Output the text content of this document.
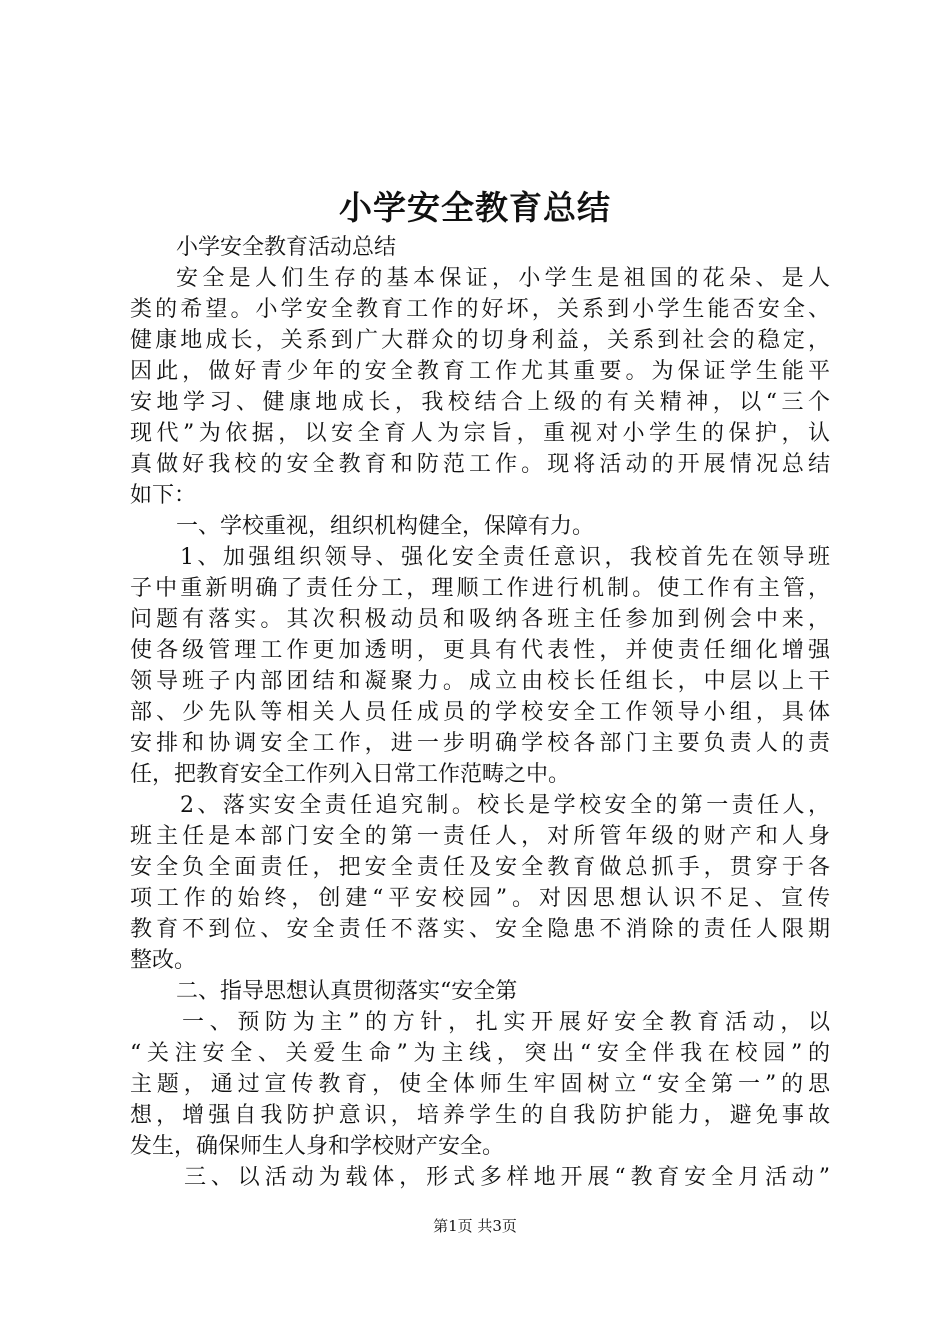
小学安全教育总结
小学安全教育活动总结
安全是人们生存的基本保证，小学生是祖国的花朵、是人
类的希望。小学安全教育工作的好坏，关系到小学生能否安全、
健康地成长，关系到广大群众的切身利益，关系到社会的稳定，
因此，做好青少年的安全教育工作尤其重要。为保证学生能平
安地学习、健康地成长，我校结合上级的有关精神，以“三个
现代”为依据，以安全育人为宗旨，重视对小学生的保护，认
真做好我校的安全教育和防范工作。现将活动的开展情况总结
如下：
一、学校重视，组织机构健全，保障有力。
1、加强组织领导、强化安全责任意识，我校首先在领导班
子中重新明确了责任分工，理顺工作进行机制。使工作有主管，
问题有落实。其次积极动员和吸纳各班主任参加到例会中来，
使各级管理工作更加透明，更具有代表性，并使责任细化增强
领导班子内部团结和凝聚力。成立由校长任组长，中层以上干
部、少先队等相关人员任成员的学校安全工作领导小组，具体
安排和协调安全工作，进一步明确学校各部门主要负责人的责
任，把教育安全工作列入日常工作范畴之中。
2、落实安全责任追究制。校长是学校安全的第一责任人，
班主任是本部门安全的第一责任人，对所管年级的财产和人身
安全负全面责任，把安全责任及安全教育做总抓手，贯穿于各
项工作的始终，创建“平安校园”。对因思想认识不足、宣传
教育不到位、安全责任不落实、安全隐患不消除的责任人限期
整改。
二、指导思想认真贯彻落实“安全第
一、预防为主”的方针，扎实开展好安全教育活动，以
“关注安全、关爱生命”为主线，突出“安全伴我在校园”的
主题，通过宣传教育，使全体师生牢固树立“安全第一”的思
想，增强自我防护意识，培养学生的自我防护能力，避免事故
发生，确保师生人身和学校财产安全。
三、以活动为载体，形式多样地开展“教育安全月活动”
第1页 共3页
